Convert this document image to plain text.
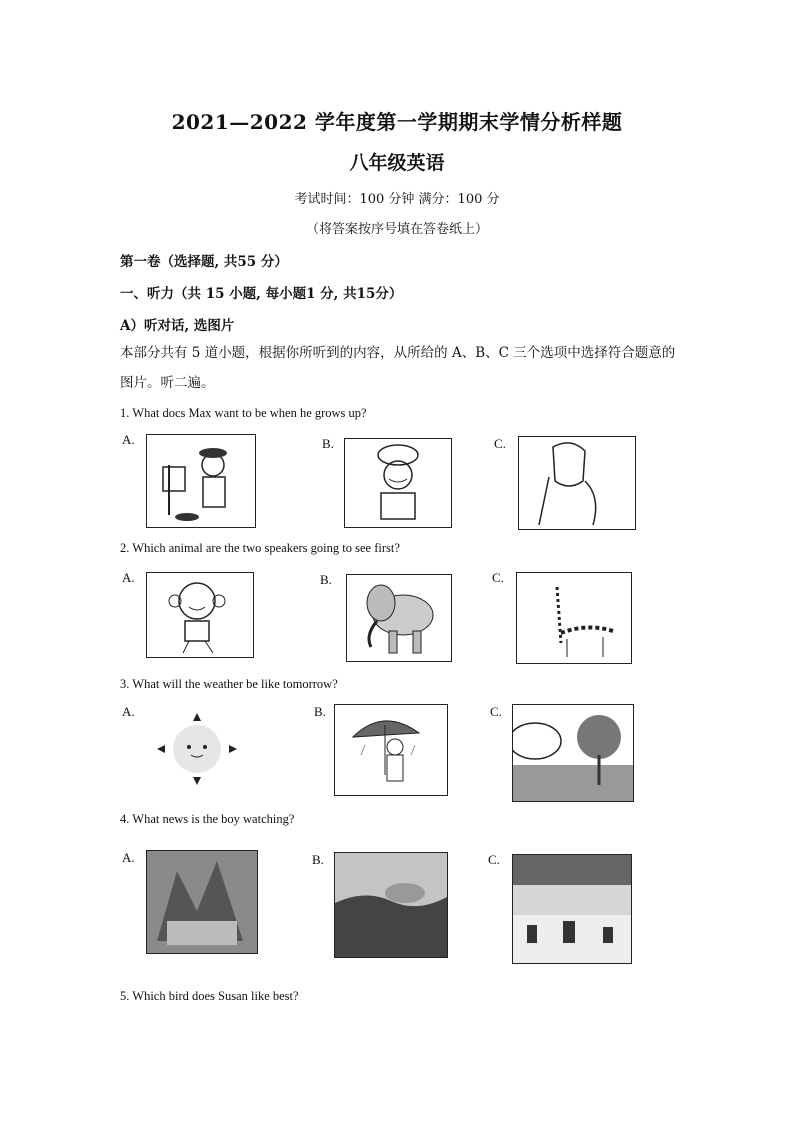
2021—2022 学年度第一学期期末学情分析样题
八年级英语
考试时间：100 分钟 满分：100 分
（将答案按序号填在答卷纸上）
第一卷（选择题, 共55 分）
一、听力（共 15 小题, 每小题1 分, 共15分）
A）听对话, 选图片
本部分共有 5 道小题，根据你所听到的内容，从所给的 A、B、C 三个选项中选择符合题意的图片。听二遍。
1. What docs Max want to be when he grows up?
A.	B.	C.
2. Which animal are the two speakers going to see first?
A.	B.	C.
3. What will the weather be like tomorrow?
A.	B.	C.
4. What news is the boy watching?
A.	B.	C.
5. Which bird does Susan like best?
